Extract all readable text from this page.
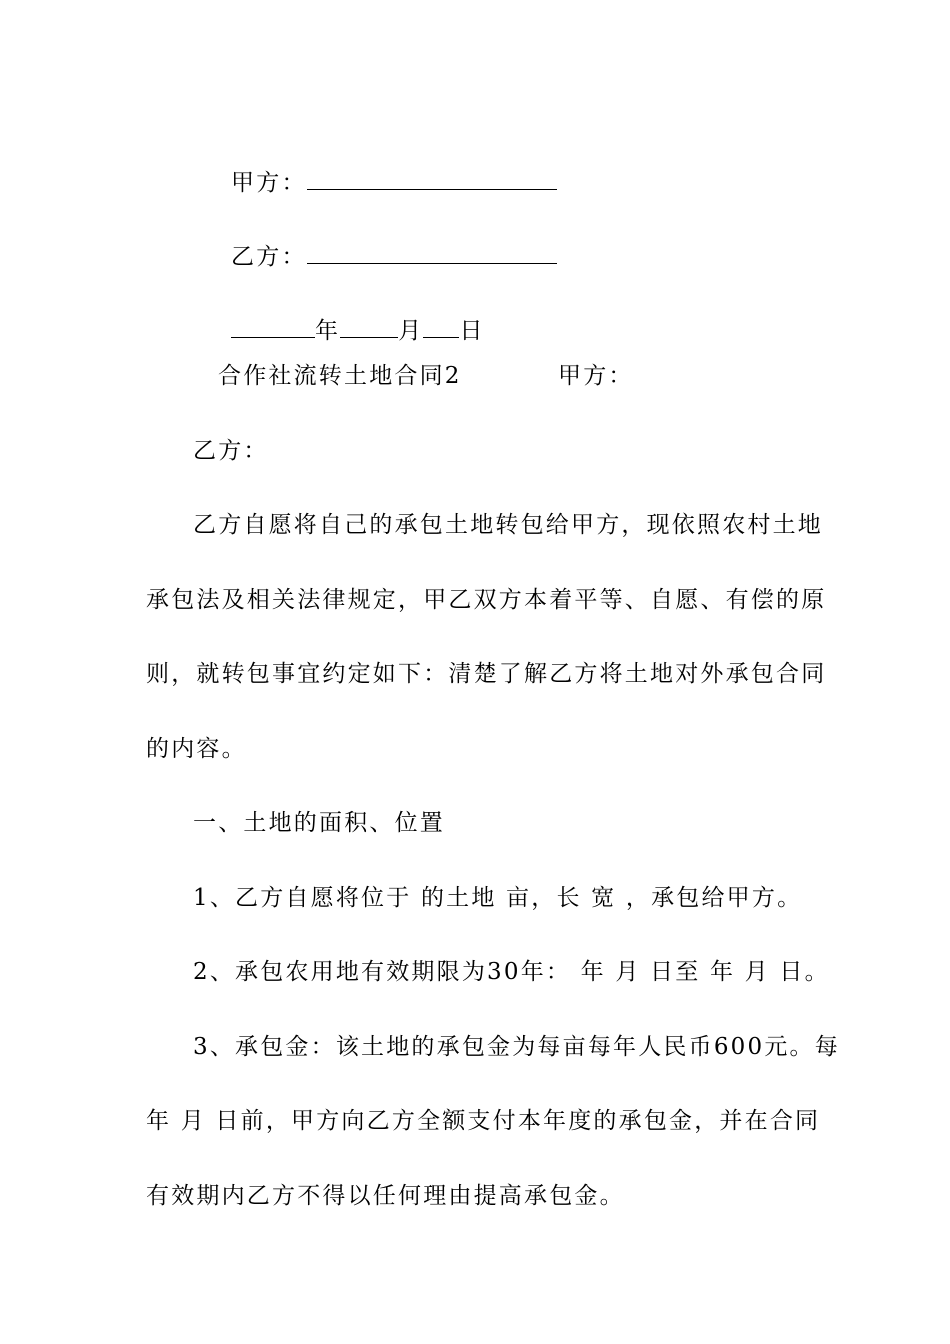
甲方：

乙方：

年	月 日

合作社流转土地合同2	甲方：
乙方：
乙方自愿将自己的承包土地转包给甲方，现依照农村土地
承包法及相关法律规定，甲乙双方本着平等、自愿、有偿的原
则，就转包事宜约定如下：清楚了解乙方将土地对外承包合同
的内容。
一、土地的面积、位置
1、乙方自愿将位于 的土地 亩，长 宽 ，承包给甲方。
2、承包农用地有效期限为30年： 年 月 日至 年 月 日。
3、承包金：该土地的承包金为每亩每年人民币600元。每
年 月 日前，甲方向乙方全额支付本年度的承包金，并在合同
有效期内乙方不得以任何理由提高承包金。
